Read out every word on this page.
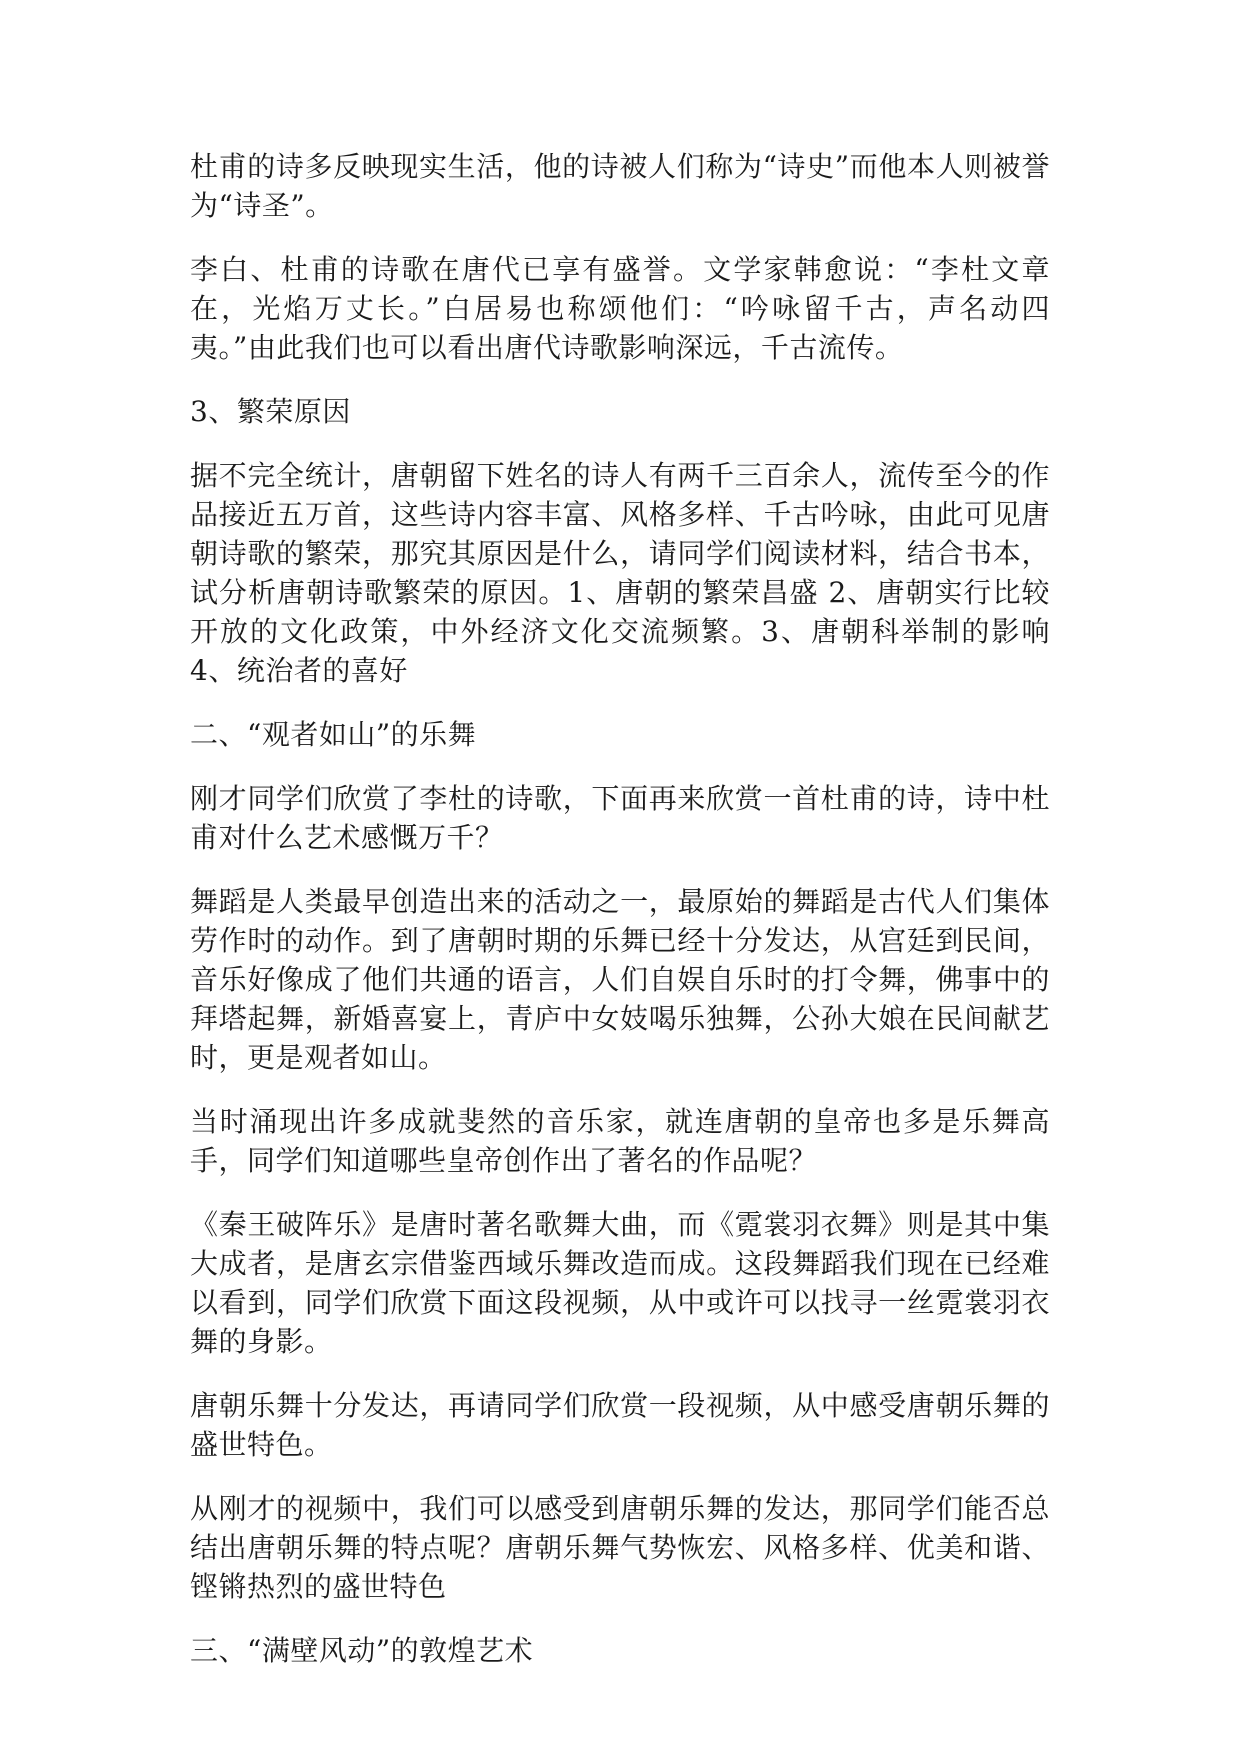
杜甫的诗多反映现实生活，他的诗被人们称为“诗史”而他本人则被誉为“诗圣”。

李白、杜甫的诗歌在唐代已享有盛誉。文学家韩愈说：“李杜文章在，光焰万丈长。”白居易也称颂他们：“吟咏留千古，声名动四夷。”由此我们也可以看出唐代诗歌影响深远，千古流传。

3、繁荣原因

据不完全统计，唐朝留下姓名的诗人有两千三百余人，流传至今的作品接近五万首，这些诗内容丰富、风格多样、千古吟咏，由此可见唐朝诗歌的繁荣，那究其原因是什么，请同学们阅读材料，结合书本，试分析唐朝诗歌繁荣的原因。1、唐朝的繁荣昌盛 2、唐朝实行比较开放的文化政策，中外经济文化交流频繁。3、唐朝科举制的影响 4、统治者的喜好

二、“观者如山”的乐舞

刚才同学们欣赏了李杜的诗歌，下面再来欣赏一首杜甫的诗，诗中杜甫对什么艺术感慨万千？

舞蹈是人类最早创造出来的活动之一，最原始的舞蹈是古代人们集体劳作时的动作。到了唐朝时期的乐舞已经十分发达，从宫廷到民间，音乐好像成了他们共通的语言，人们自娱自乐时的打令舞，佛事中的拜塔起舞，新婚喜宴上，青庐中女妓喝乐独舞，公孙大娘在民间献艺时，更是观者如山。

当时涌现出许多成就斐然的音乐家，就连唐朝的皇帝也多是乐舞高手，同学们知道哪些皇帝创作出了著名的作品呢？

《秦王破阵乐》是唐时著名歌舞大曲，而《霓裳羽衣舞》则是其中集大成者，是唐玄宗借鉴西域乐舞改造而成。这段舞蹈我们现在已经难以看到，同学们欣赏下面这段视频，从中或许可以找寻一丝霓裳羽衣舞的身影。

唐朝乐舞十分发达，再请同学们欣赏一段视频，从中感受唐朝乐舞的盛世特色。

从刚才的视频中，我们可以感受到唐朝乐舞的发达，那同学们能否总结出唐朝乐舞的特点呢？唐朝乐舞气势恢宏、风格多样、优美和谐、铿锵热烈的盛世特色

三、“满壁风动”的敦煌艺术
